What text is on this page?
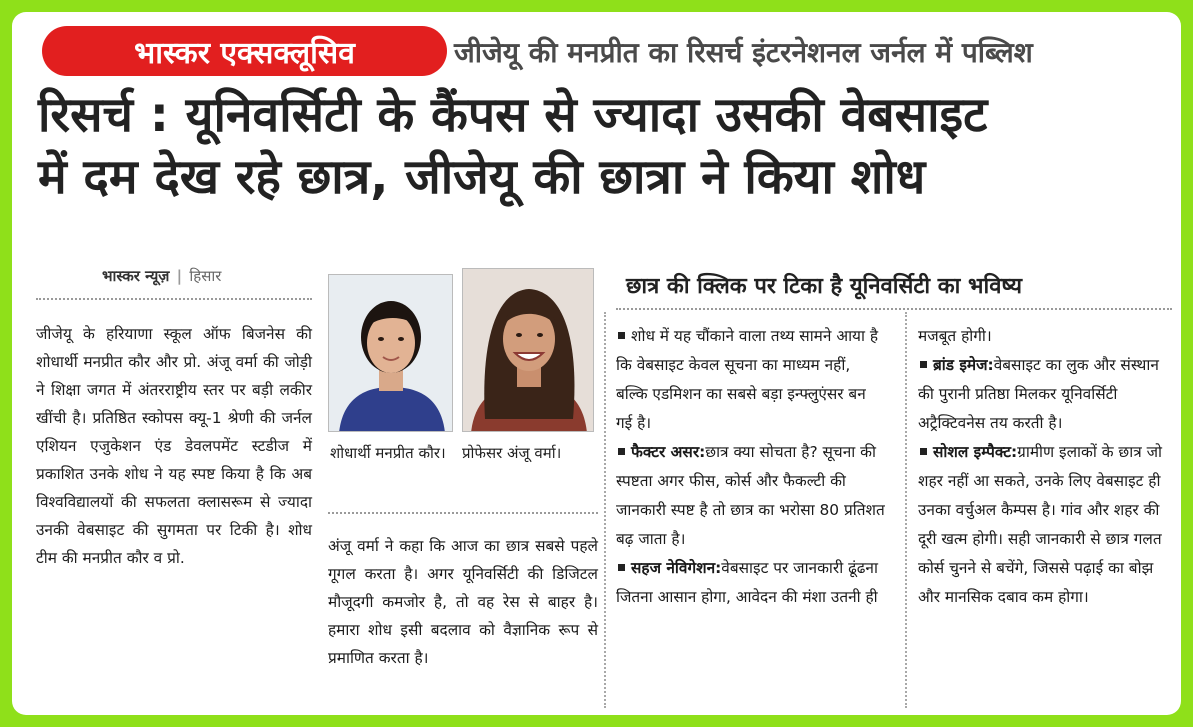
भास्कर एक्सक्लूसिव	जीजेयू की मनप्रीत का रिसर्च इंटरनेशनल जर्नल में पब्लिश
रिसर्च : यूनिवर्सिटी के कैंपस से ज्यादा उसकी वेबसाइट
में दम देख रहे छात्र, जीजेयू की छात्रा ने किया शोध
भास्कर न्यूज़ | हिसार
जीजेयू के हरियाणा स्कूल ऑफ बिजनेस की शोधार्थी मनप्रीत कौर और प्रो. अंजू वर्मा की जोड़ी ने शिक्षा जगत में अंतरराष्ट्रीय स्तर पर बड़ी लकीर खींची है। प्रतिष्ठित स्कोपस क्यू-1 श्रेणी की जर्नल एशियन एजुकेशन एंड डेवलपमेंट स्टडीज में प्रकाशित उनके शोध ने यह स्पष्ट किया है कि अब विश्वविद्यालयों की सफलता क्लासरूम से ज्यादा उनकी वेबसाइट की सुगमता पर टिकी है। शोध टीम की मनप्रीत कौर व प्रो.
शोधार्थी मनप्रीत कौर। प्रोफेसर अंजू वर्मा।
अंजू वर्मा ने कहा कि आज का छात्र सबसे पहले गूगल करता है। अगर यूनिवर्सिटी की डिजिटल मौजूदगी कमजोर है, तो वह रेस से बाहर है। हमारा शोध इसी बदलाव को वैज्ञानिक रूप से प्रमाणित करता है।
छात्र की क्लिक पर टिका है यूनिवर्सिटी का भविष्य
शोध में यह चौंकाने वाला तथ्य सामने आया है कि वेबसाइट केवल सूचना का माध्यम नहीं, बल्कि एडमिशन का सबसे बड़ा इन्फ्लुएंसर बन गई है।
फैक्टर असर:छात्र क्या सोचता है? सूचना की स्पष्टता अगर फीस, कोर्स और फैकल्टी की जानकारी स्पष्ट है तो छात्र का भरोसा 80 प्रतिशत बढ़ जाता है।
सहज नेविगेशन:वेबसाइट पर जानकारी ढूंढना जितना आसान होगा, आवेदन की मंशा उतनी ही
मजबूत होगी।
ब्रांड इमेज:वेबसाइट का लुक और संस्थान की पुरानी प्रतिष्ठा मिलकर यूनिवर्सिटी अट्रैक्टिवनेस तय करती है।
सोशल इम्पैक्ट:ग्रामीण इलाकों के छात्र जो शहर नहीं आ सकते, उनके लिए वेबसाइट ही उनका वर्चुअल कैम्पस है। गांव और शहर की दूरी खत्म होगी। सही जानकारी से छात्र गलत कोर्स चुनने से बचेंगे, जिससे पढ़ाई का बोझ और मानसिक दबाव कम होगा।
